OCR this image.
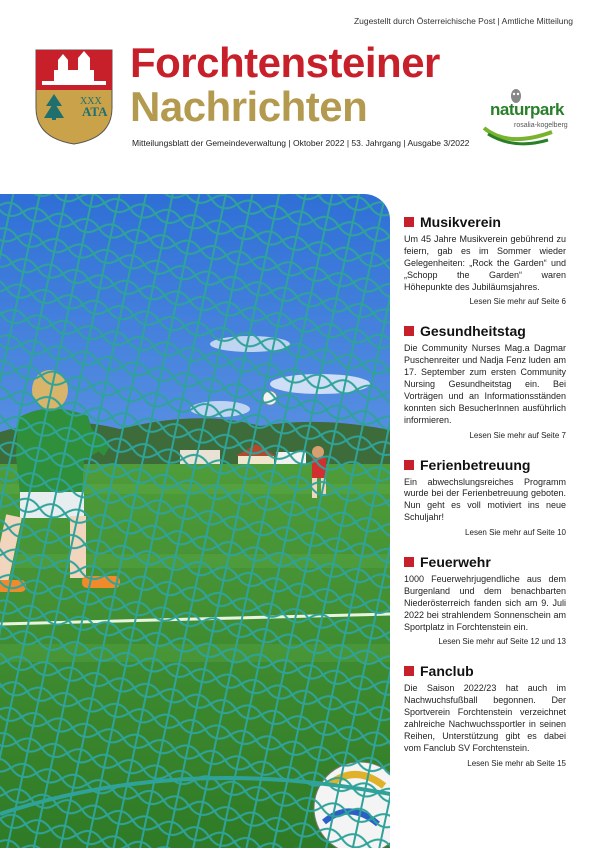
Zugestellt durch Österreichische Post | Amtliche Mitteilung
ATA
XXX
Forchtensteiner
Nachrichten
Mitteilungsblatt der Gemeindeverwaltung | Oktober 2022 | 53. Jahrgang | Ausgabe 3/2022
naturpark
rosalia-kogelberg
Musikverein

Um 45 Jahre Musikverein gebührend zu feiern, gab es im Sommer wieder Gelegenheiten: „Rock the Garden“ und „Schopp the Garden“ waren Höhepunkte des Jubiläumsjahres.

Lesen Sie mehr auf Seite 6
Gesundheitstag

Die Community Nurses Mag.a Dagmar Puschenreiter und Nadja Fenz luden am 17. September zum ersten Community Nursing Gesundheitstag ein. Bei Vorträgen und an Informationsständen konnten sich BesucherInnen ausführlich informieren.

Lesen Sie mehr auf Seite 7
Ferienbetreuung

Ein abwechslungsreiches Programm wurde bei der Ferienbetreuung geboten. Nun geht es voll motiviert ins neue Schuljahr!

Lesen Sie mehr auf Seite 10
Feuerwehr

1000 Feuerwehrjugendliche aus dem Burgenland und dem benachbarten Niederösterreich fanden sich am 9. Juli 2022 bei strahlendem Sonnenschein am Sportplatz in Forchtenstein ein.

Lesen Sie mehr auf Seite 12 und 13
Fanclub

Die Saison 2022/23 hat auch im Nachwuchsfußball begonnen. Der Sportverein Forchtenstein verzeichnet zahlreiche Nachwuchssportler in seinen Reihen, Unterstützung gibt es dabei vom Fanclub SV Forchtenstein.

Lesen Sie mehr ab Seite 15
